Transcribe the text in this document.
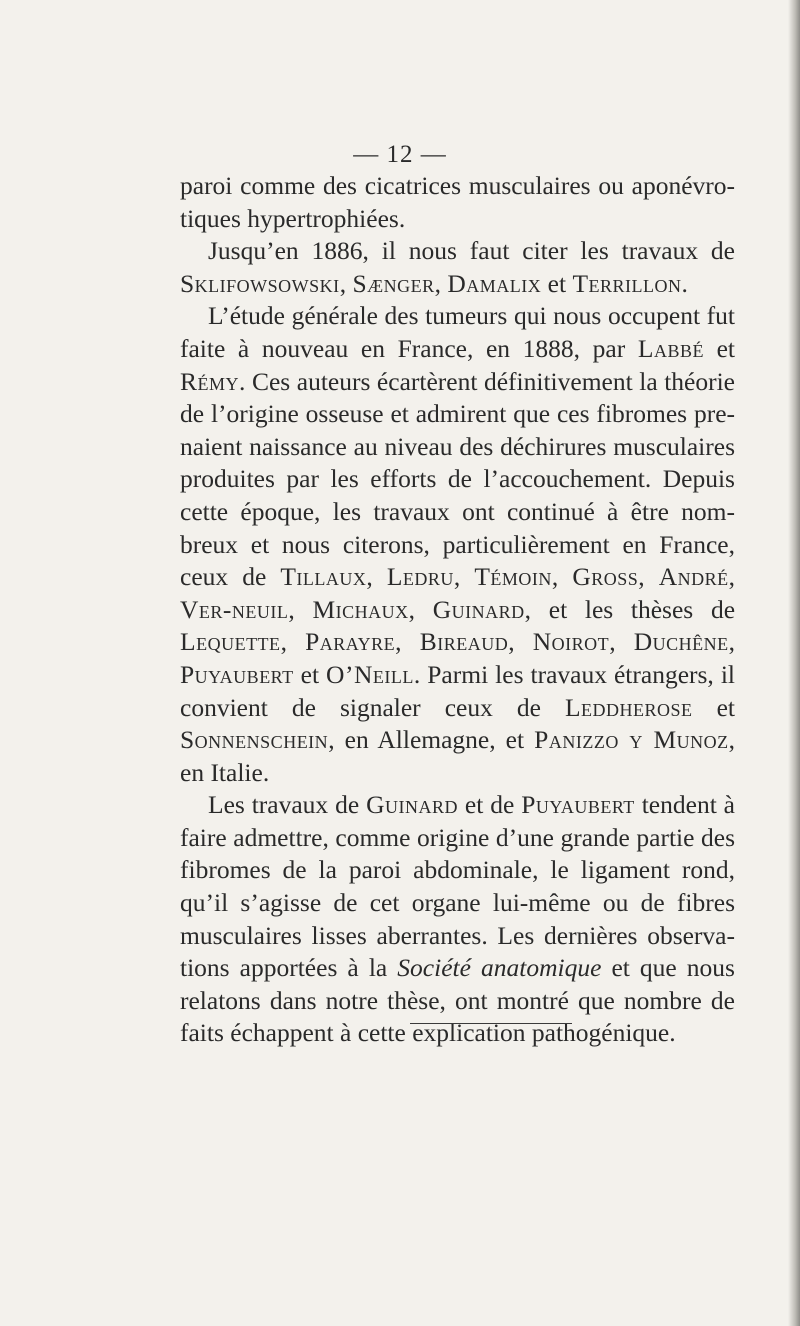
— 12 —

paroi comme des cicatrices musculaires ou aponévro-tiques hypertrophiées.

Jusqu’en 1886, il nous faut citer les travaux de Sklifowsowski, Sænger, Damalix et Terrillon.

L’étude générale des tumeurs qui nous occupent fut faite à nouveau en France, en 1888, par Labbé et Rémy. Ces auteurs écartèrent définitivement la théorie de l’origine osseuse et admirent que ces fibromes pre-naient naissance au niveau des déchirures musculaires produites par les efforts de l’accouchement. Depuis cette époque, les travaux ont continué à être nom-breux et nous citerons, particulièrement en France, ceux de Tillaux, Ledru, Témoin, Gross, André, Ver-neuil, Michaux, Guinard, et les thèses de Lequette, Parayre, Bireaud, Noirot, Duchêne, Puyaubert et O’Neill. Parmi les travaux étrangers, il convient de signaler ceux de Leddherose et Sonnenschein, en Allemagne, et Panizzo y Munoz, en Italie.

Les travaux de Guinard et de Puyaubert tendent à faire admettre, comme origine d’une grande partie des fibromes de la paroi abdominale, le ligament rond, qu’il s’agisse de cet organe lui-même ou de fibres musculaires lisses aberrantes. Les dernières observa-tions apportées à la Société anatomique et que nous relatons dans notre thèse, ont montré que nombre de faits échappent à cette explication pathogénique.
